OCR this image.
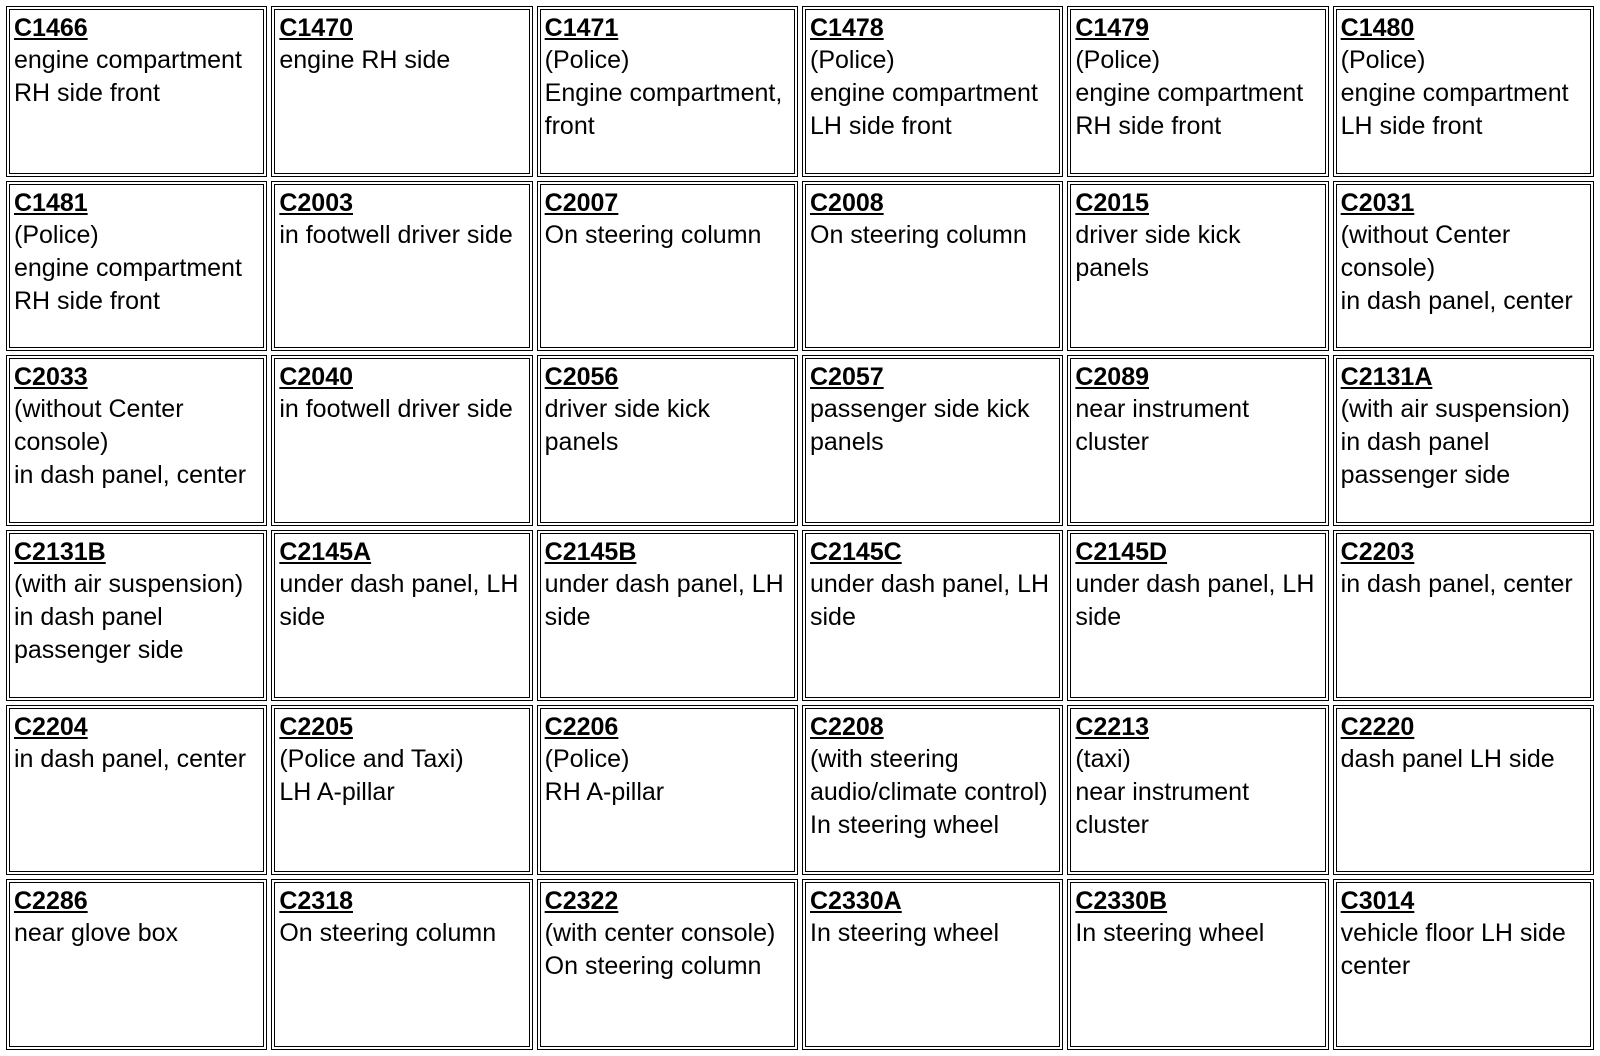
C1466
engine compartment RH side front
C1470
engine RH side
C1471
(Police)
Engine compartment, front
C1478
(Police)
engine compartment LH side front
C1479
(Police)
engine compartment RH side front
C1480
(Police)
engine compartment LH side front
C1481
(Police)
engine compartment RH side front
C2003
in footwell driver side
C2007
On steering column
C2008
On steering column
C2015
driver side kick panels
C2031
(without Center console)
in dash panel, center
C2033
(without Center console)
in dash panel, center
C2040
in footwell driver side
C2056
driver side kick panels
C2057
passenger side kick panels
C2089
near instrument cluster
C2131A
(with air suspension)
in dash panel passenger side
C2131B
(with air suspension)
in dash panel passenger side
C2145A
under dash panel, LH side
C2145B
under dash panel, LH side
C2145C
under dash panel, LH side
C2145D
under dash panel, LH side
C2203
in dash panel, center
C2204
in dash panel, center
C2205
(Police and Taxi)
LH A-pillar
C2206
(Police)
RH A-pillar
C2208
(with steering audio/climate control)
In steering wheel
C2213
(taxi)
near instrument cluster
C2220
dash panel LH side
C2286
near glove box
C2318
On steering column
C2322
(with center console)
On steering column
C2330A
In steering wheel
C2330B
In steering wheel
C3014
vehicle floor LH side center
